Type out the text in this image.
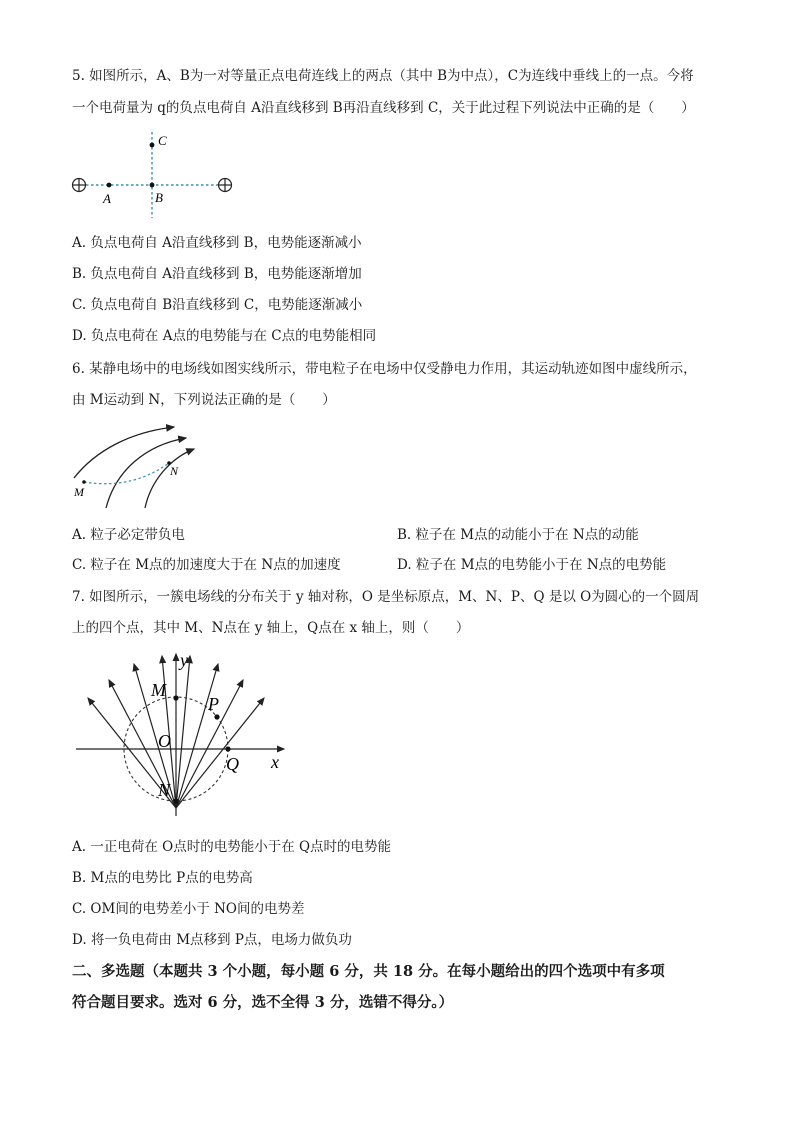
5. 如图所示，A、B为一对等量正点电荷连线上的两点（其中 B为中点），C为连线中垂线上的一点。今将
一个电荷量为 q的负点电荷自 A沿直线移到 B再沿直线移到 C，关于此过程下列说法中正确的是（　　）
A	B
C
A. 负点电荷自 A沿直线移到 B，电势能逐渐减小
B. 负点电荷自 A沿直线移到 B，电势能逐渐增加
C. 负点电荷自 B沿直线移到 C，电势能逐渐减小
D. 负点电荷在 A点的电势能与在 C点的电势能相同
6. 某静电场中的电场线如图实线所示，带电粒子在电场中仅受静电力作用，其运动轨迹如图中虚线所示，
由 M运动到 N，下列说法正确的是（　　）
M
N
A. 粒子必定带负电	B. 粒子在 M点的动能小于在 N点的动能
C. 粒子在 M点的加速度大于在 N点的加速度	D. 粒子在 M点的电势能小于在 N点的电势能
7. 如图所示，一簇电场线的分布关于 y 轴对称，O 是坐标原点，M、N、P、Q 是以 O为圆心的一个圆周
上的四个点，其中 M、N点在 y 轴上，Q点在 x 轴上，则（　　）
y
x
M
O
P
Q
N
A. 一正电荷在 O点时的电势能小于在 Q点时的电势能
B. M点的电势比 P点的电势高
C. OM间的电势差小于 NO间的电势差
D. 将一负电荷由 M点移到 P点，电场力做负功
二、多选题（本题共 3 个小题，每小题 6 分，共 18 分。在每小题给出的四个选项中有多项
符合题目要求。选对 6 分，选不全得 3 分，选错不得分。）
